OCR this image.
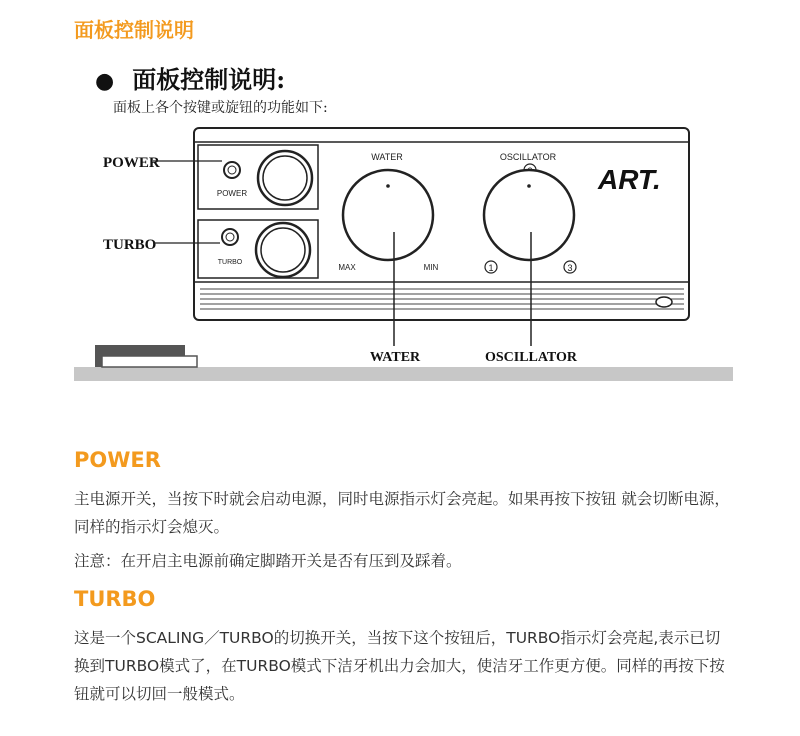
面板控制说明
● 面板控制说明:
面板上各个按键或旋钮的功能如下:
POWER
TURBO
POWER
TURBO
WATER
MAX	MIN
OSCILLATOR
1	3
ART.
WATER	OSCILLATOR
POWER
主电源开关，当按下时就会启动电源，同时电源指示灯会亮起。如果再按下按钮 就会切断电源，同样的指示灯会熄灭。
注意：在开启主电源前确定脚踏开关是否有压到及踩着。
TURBO
这是一个SCALING／TURBO的切换开关，当按下这个按钮后，TURBO指示灯会亮起,表示已切换到TURBO模式了，在TURBO模式下洁牙机出力会加大，使洁牙工作更方便。同样的再按下按钮就可以切回一般模式。
